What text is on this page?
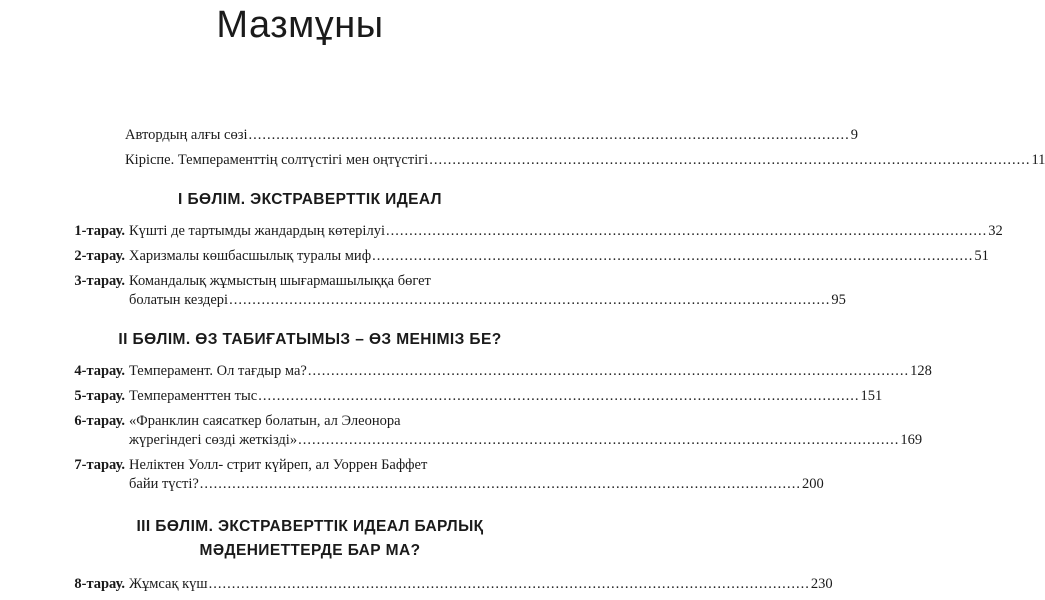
Мазмұны
Автордың алғы сөзі .................................................................................................................................. 9
Кіріспе. Темпераменттің солтүстігі мен оңтүстігі .................................................................................................................................. 11
I БӨЛІМ. ЭКСТРАВЕРТТІК ИДЕАЛ
1-тарау. Күшті де тартымды жандардың көтерілуі .................................................................................................................................. 32
2-тарау. Харизмалы көшбасшылық туралы миф .................................................................................................................................. 51
3-тарау. Командалық жұмыстың шығармашылыққа бөгет
болатын кездері .................................................................................................................................. 95
II БӨЛІМ. ӨЗ ТАБИҒАТЫМЫЗ – ӨЗ МЕНІМІЗ БЕ?
4-тарау. Темперамент. Ол тағдыр ма? .................................................................................................................................. 128
5-тарау. Темпераменттен тыс .................................................................................................................................. 151
6-тарау. «Франклин саясаткер болатын, ал Элеонора
жүрегіндегі сөзді жеткізді» .................................................................................................................................. 169
7-тарау. Неліктен Уолл- стрит күйреп, ал Уоррен Баффет
байи түсті? .................................................................................................................................. 200
III БӨЛІМ. ЭКСТРАВЕРТТІК ИДЕАЛ БАРЛЫҚ
МӘДЕНИЕТТЕРДЕ БАР МА?
8-тарау. Жұмсақ күш .................................................................................................................................. 230
